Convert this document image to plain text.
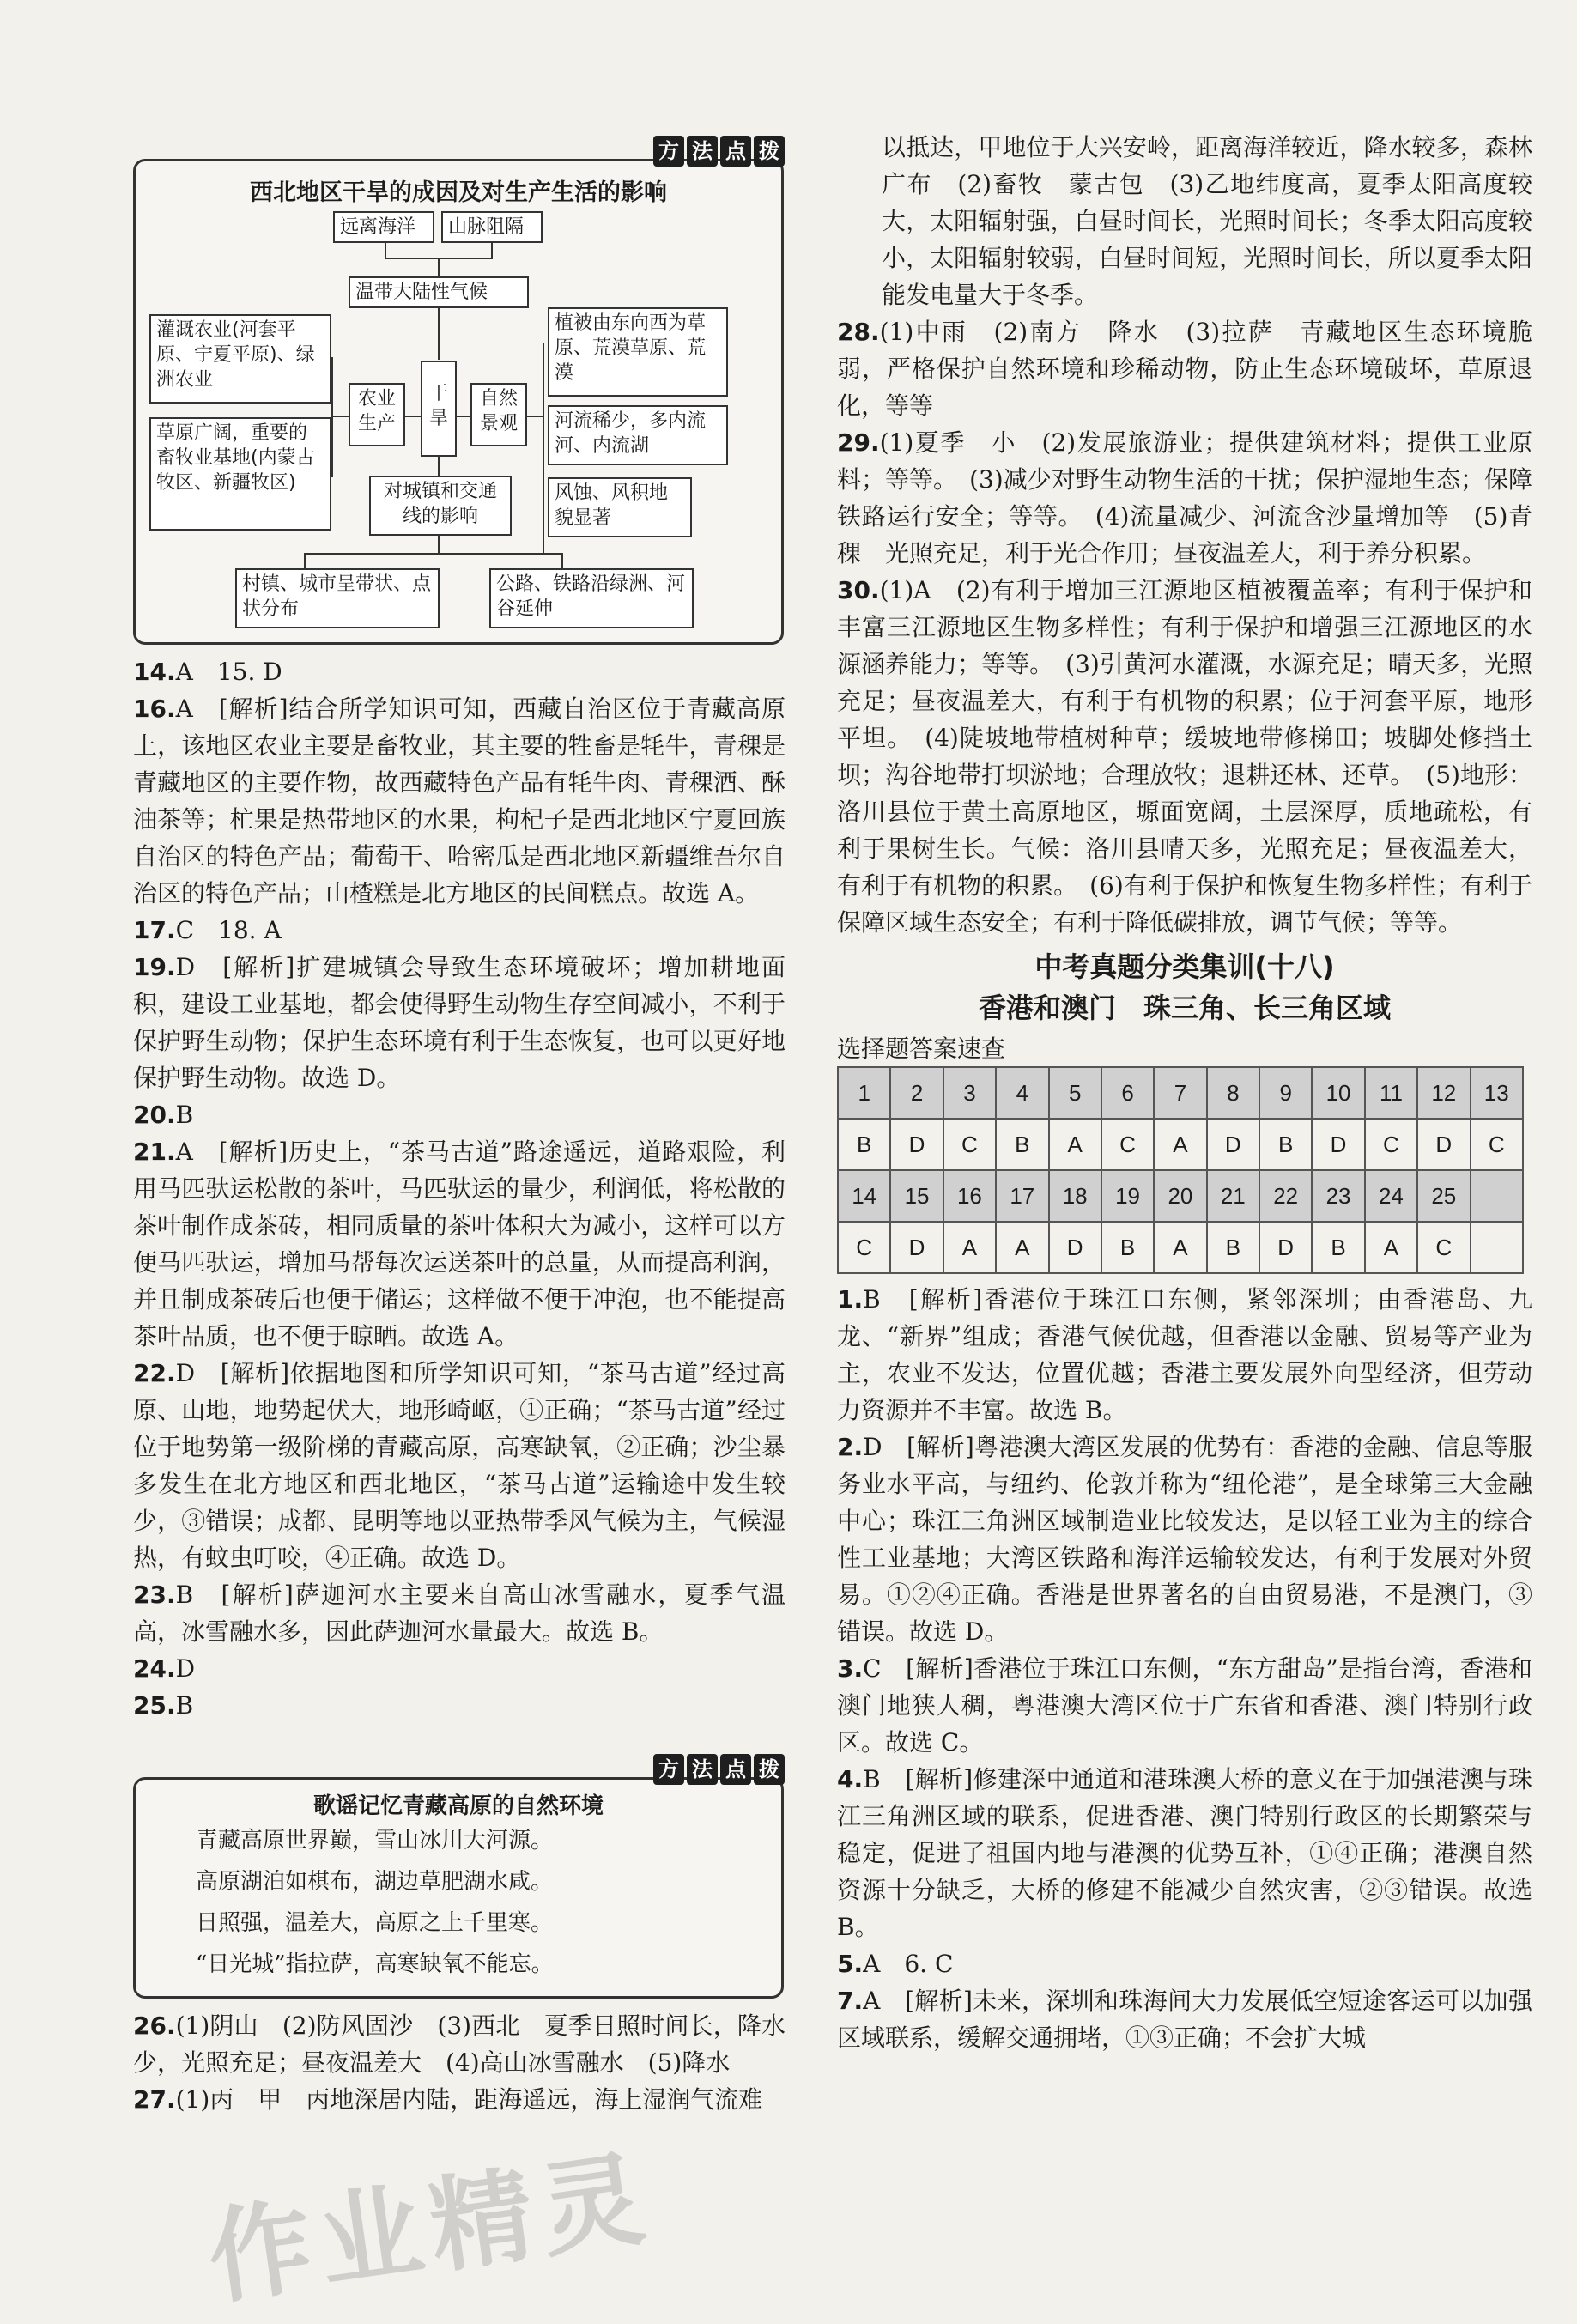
方 法 点 拨
西北地区干旱的成因及对生产生活的影响
远离海洋	山脉阻隔
温带大陆性气候
灌溉农业(河套平原、宁夏平原)、绿洲农业
草原广阔，重要的畜牧业基地(内蒙古牧区、新疆牧区)
农业生产
干旱
自然景观
植被由东向西为草原、荒漠草原、荒漠
河流稀少，多内流河、内流湖
风蚀、风积地貌显著
对城镇和交通线的影响
村镇、城市呈带状、点状分布
公路、铁路沿绿洲、河谷延伸

14.A　15. D

16.A　[解析]结合所学知识可知，西藏自治区位于青藏高原上，该地区农业主要是畜牧业，其主要的牲畜是牦牛，青稞是青藏地区的主要作物，故西藏特色产品有牦牛肉、青稞酒、酥油茶等；杧果是热带地区的水果，枸杞子是西北地区宁夏回族自治区的特色产品；葡萄干、哈密瓜是西北地区新疆维吾尔自治区的特色产品；山楂糕是北方地区的民间糕点。故选 A。

17.C　18. A

19.D　[解析]扩建城镇会导致生态环境破坏；增加耕地面积，建设工业基地，都会使得野生动物生存空间减小，不利于保护野生动物；保护生态环境有利于生态恢复，也可以更好地保护野生动物。故选 D。

20.B

21.A　[解析]历史上，“茶马古道”路途遥远，道路艰险，利用马匹驮运松散的茶叶，马匹驮运的量少，利润低，将松散的茶叶制作成茶砖，相同质量的茶叶体积大为减小，这样可以方便马匹驮运，增加马帮每次运送茶叶的总量，从而提高利润，并且制成茶砖后也便于储运；这样做不便于冲泡，也不能提高茶叶品质，也不便于晾晒。故选 A。

22.D　[解析]依据地图和所学知识可知，“茶马古道”经过高原、山地，地势起伏大，地形崎岖，①正确；“茶马古道”经过位于地势第一级阶梯的青藏高原，高寒缺氧，②正确；沙尘暴多发生在北方地区和西北地区，“茶马古道”运输途中发生较少，③错误；成都、昆明等地以亚热带季风气候为主，气候湿热，有蚊虫叮咬，④正确。故选 D。

23.B　[解析]萨迦河水主要来自高山冰雪融水，夏季气温高，冰雪融水多，因此萨迦河水量最大。故选 B。

24.D

25.B

方 法 点 拨
歌谣记忆青藏高原的自然环境
青藏高原世界巅，雪山冰川大河源。
高原湖泊如棋布，湖边草肥湖水咸。
日照强，温差大，高原之上千里寒。
“日光城”指拉萨，高寒缺氧不能忘。

26.(1)阴山　(2)防风固沙　(3)西北　夏季日照时间长，降水少，光照充足；昼夜温差大　(4)高山冰雪融水　(5)降水

27.(1)丙　甲　丙地深居内陆，距海遥远，海上湿润气流难

以抵达，甲地位于大兴安岭，距离海洋较近，降水较多，森林广布　(2)畜牧　蒙古包　(3)乙地纬度高，夏季太阳高度较大，太阳辐射强，白昼时间长，光照时间长；冬季太阳高度较小，太阳辐射较弱，白昼时间短，光照时间长，所以夏季太阳能发电量大于冬季。

28.(1)中雨　(2)南方　降水　(3)拉萨　青藏地区生态环境脆弱，严格保护自然环境和珍稀动物，防止生态环境破坏，草原退化，等等

29.(1)夏季　小　(2)发展旅游业；提供建筑材料；提供工业原料；等等。　(3)减少对野生动物生活的干扰；保护湿地生态；保障铁路运行安全；等等。　(4)流量减少、河流含沙量增加等　(5)青稞　光照充足，利于光合作用；昼夜温差大，利于养分积累。

30.(1)A　(2)有利于增加三江源地区植被覆盖率；有利于保护和丰富三江源地区生物多样性；有利于保护和增强三江源地区的水源涵养能力；等等。　(3)引黄河水灌溉，水源充足；晴天多，光照充足；昼夜温差大，有利于有机物的积累；位于河套平原，地形平坦。　(4)陡坡地带植树种草；缓坡地带修梯田；坡脚处修挡土坝；沟谷地带打坝淤地；合理放牧；退耕还林、还草。　(5)地形：洛川县位于黄土高原地区，塬面宽阔，土层深厚，质地疏松，有利于果树生长。气候：洛川县晴天多，光照充足；昼夜温差大，有利于有机物的积累。　(6)有利于保护和恢复生物多样性；有利于保障区域生态安全；有利于降低碳排放，调节气候；等等。

中考真题分类集训(十八)
香港和澳门　珠三角、长三角区域
选择题答案速查
1	2	3	4	5	6	7	8	9	10	11	12	13
B	D	C	B	A	C	A	D	B	D	C	D	C
14	15	16	17	18	19	20	21	22	23	24	25	
C	D	A	A	D	B	A	B	D	B	A	C	

1.B　[解析]香港位于珠江口东侧，紧邻深圳；由香港岛、九龙、“新界”组成；香港气候优越，但香港以金融、贸易等产业为主，农业不发达，位置优越；香港主要发展外向型经济，但劳动力资源并不丰富。故选 B。

2.D　[解析]粤港澳大湾区发展的优势有：香港的金融、信息等服务业水平高，与纽约、伦敦并称为“纽伦港”，是全球第三大金融中心；珠江三角洲区域制造业比较发达，是以轻工业为主的综合性工业基地；大湾区铁路和海洋运输较发达，有利于发展对外贸易。①②④正确。香港是世界著名的自由贸易港，不是澳门，③错误。故选 D。

3.C　[解析]香港位于珠江口东侧，“东方甜岛”是指台湾，香港和澳门地狭人稠，粤港澳大湾区位于广东省和香港、澳门特别行政区。故选 C。

4.B　[解析]修建深中通道和港珠澳大桥的意义在于加强港澳与珠江三角洲区域的联系，促进香港、澳门特别行政区的长期繁荣与稳定，促进了祖国内地与港澳的优势互补，①④正确；港澳自然资源十分缺乏，大桥的修建不能减少自然灾害，②③错误。故选 B。

5.A　6. C

7.A　[解析]未来，深圳和珠海间大力发展低空短途客运可以加强区域联系，缓解交通拥堵，①③正确；不会扩大城

作业精灵
